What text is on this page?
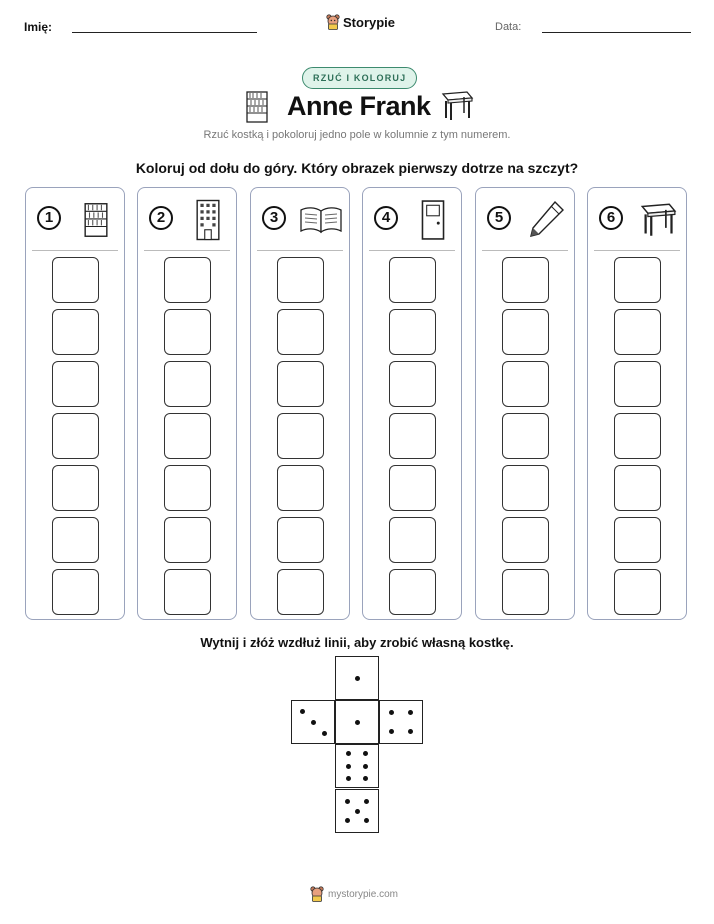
Imię:	Storypie	Data:
RZUĆ I KOLORUJ
Anne Frank
Rzuć kostką i pokoloruj jedno pole w kolumnie z tym numerem.
Koloruj od dołu do góry. Który obrazek pierwszy dotrze na szczyt?
1	2	3	4	5	6
Wytnij i złóż wzdłuż linii, aby zrobić własną kostkę.
mystorypie.com
